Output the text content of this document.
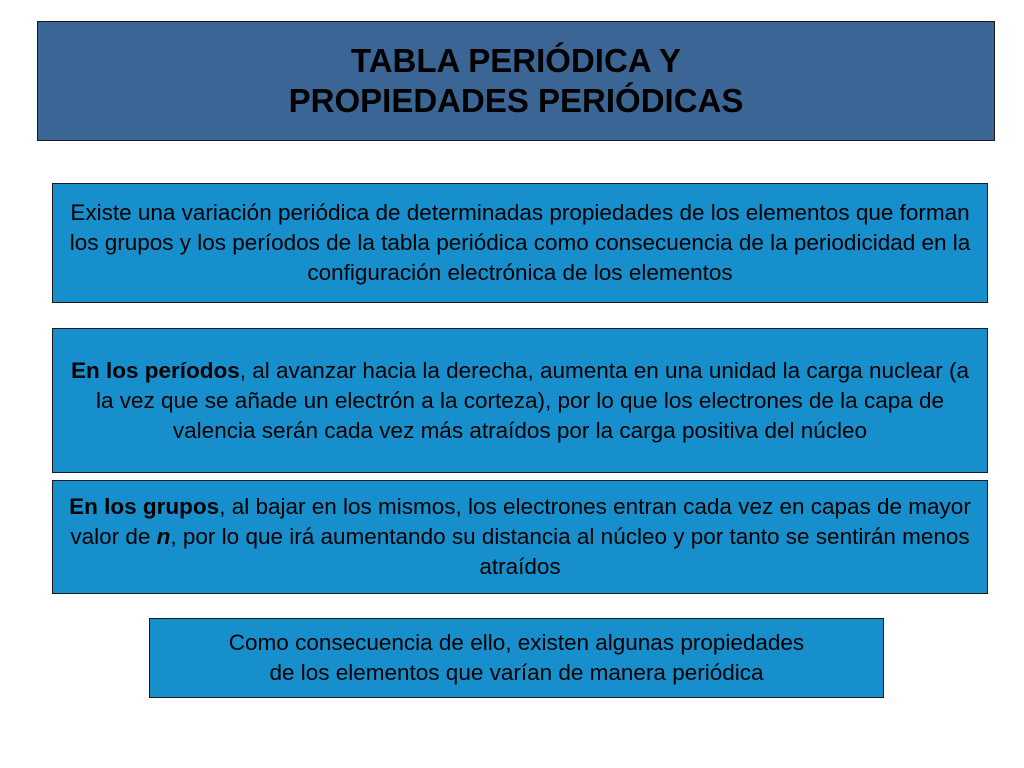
TABLA PERIÓDICA Y
PROPIEDADES PERIÓDICAS

Existe una variación periódica de determinadas propiedades de los elementos que forman los grupos y los períodos de la tabla periódica como consecuencia de la periodicidad en la configuración electrónica de los elementos

En los períodos, al avanzar hacia la derecha, aumenta en una unidad la carga nuclear (a la vez que se añade un electrón a la corteza), por lo que los electrones de la capa de valencia serán cada vez más atraídos por la carga positiva del núcleo

En los grupos, al bajar en los mismos, los electrones entran cada vez en capas de mayor valor de n, por lo que irá aumentando su distancia al núcleo y por tanto se sentirán menos atraídos

Como consecuencia de ello, existen algunas propiedades
de los elementos que varían de manera periódica
